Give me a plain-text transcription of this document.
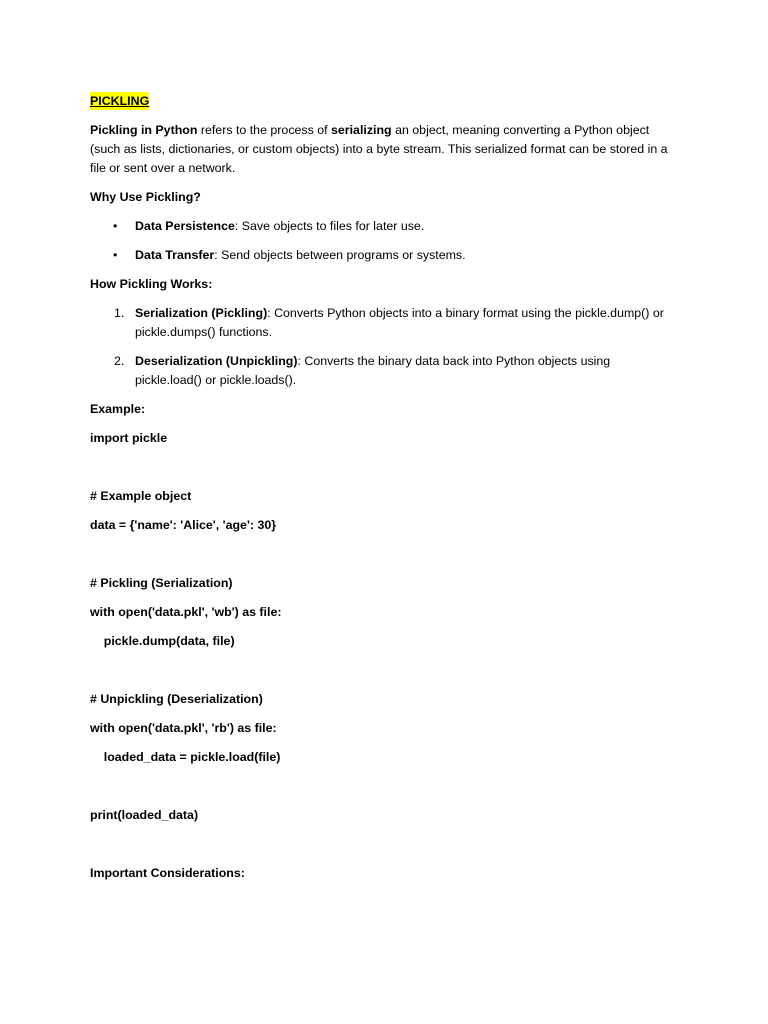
PICKLING

Pickling in Python refers to the process of serializing an object, meaning converting a Python object (such as lists, dictionaries, or custom objects) into a byte stream. This serialized format can be stored in a file or sent over a network.

Why Use Pickling?

• Data Persistence: Save objects to files for later use.
• Data Transfer: Send objects between programs or systems.

How Pickling Works:

1. Serialization (Pickling): Converts Python objects into a binary format using the pickle.dump() or pickle.dumps() functions.
2. Deserialization (Unpickling): Converts the binary data back into Python objects using pickle.load() or pickle.loads().

Example:

import pickle

# Example object

data = {'name': 'Alice', 'age': 30}

# Pickling (Serialization)

with open('data.pkl', 'wb') as file:

pickle.dump(data, file)

# Unpickling (Deserialization)

with open('data.pkl', 'rb') as file:

loaded_data = pickle.load(file)

print(loaded_data)

Important Considerations:
